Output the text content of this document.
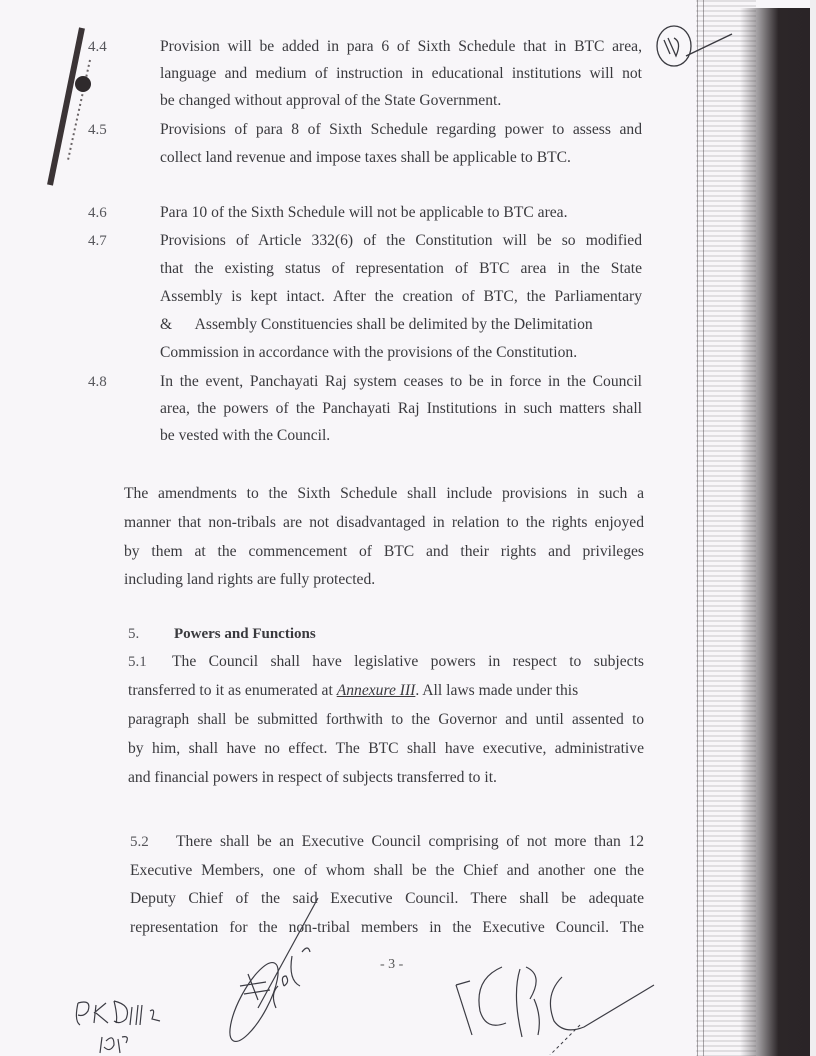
4.4	Provision will be added in para 6 of Sixth Schedule that in BTC area,
language and medium of instruction in educational institutions will not
be changed without approval of the State Government.
4.5	Provisions of para 8 of Sixth Schedule regarding power to assess and
collect land revenue and impose taxes shall be applicable to BTC.
4.6	Para 10 of the Sixth Schedule will not be applicable to BTC area.
4.7	Provisions of Article 332(6) of the Constitution will be so modified
that the existing status of representation of BTC area in the State
Assembly is kept intact. After the creation of BTC, the Parliamentary
&      Assembly Constituencies shall be delimited by the Delimitation
Commission in accordance with the provisions of the Constitution.
4.8	In the event, Panchayati Raj system ceases to be in force in the Council
area, the powers of the Panchayati Raj Institutions in such matters shall
be vested with the Council.
The amendments to the Sixth Schedule shall include provisions in such a
manner that non-tribals are not disadvantaged in relation to the rights enjoyed
by them at the commencement of BTC and their rights and privileges
including land rights are fully protected.
5. Powers and Functions
5.1 The Council shall have legislative powers in respect to subjects
transferred to it as enumerated at Annexure III. All laws made under this
paragraph shall be submitted forthwith to the Governor and until assented to
by him, shall have no effect. The BTC shall have executive, administrative
and financial powers in respect of subjects transferred to it.
5.2 There shall be an Executive Council comprising of not more than 12
Executive Members, one of whom shall be the Chief and another one the
Deputy Chief of the said Executive Council. There shall be adequate
representation for the non-tribal members in the Executive Council. The
- 3 -
